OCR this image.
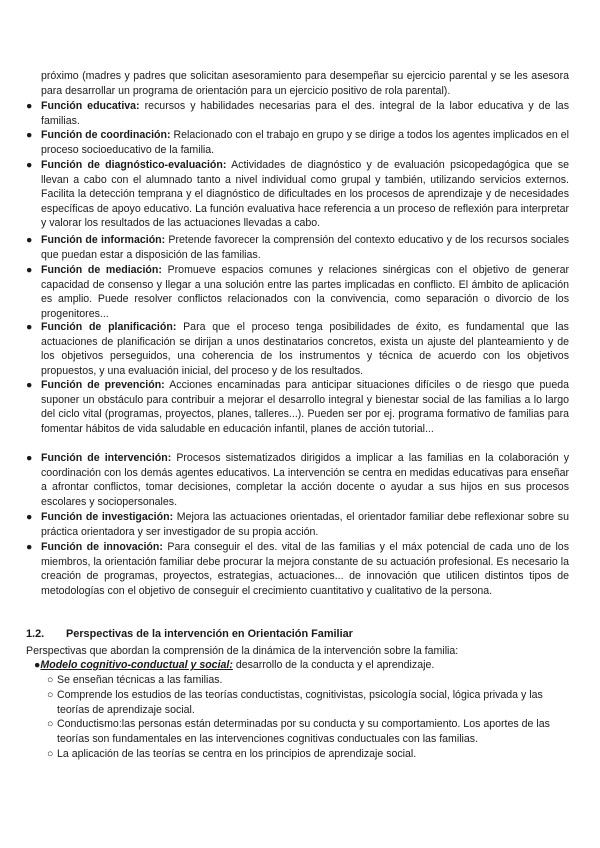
próximo (madres y padres que solicitan asesoramiento para desempeñar su ejercicio parental y se les asesora para desarrollar un programa de orientación para un ejercicio positivo de rola parental).

● Función educativa: recursos y habilidades necesarias para el des. integral de la labor educativa y de las familias.
● Función de coordinación: Relacionado con el trabajo en grupo y se dirige a todos los agentes implicados en el proceso socioeducativo de la familia.
● Función de diagnóstico-evaluación: Actividades de diagnóstico y de evaluación psicopedagógica que se llevan a cabo con el alumnado tanto a nivel individual como grupal y también, utilizando servicios externos. Facilita la detección temprana y el diagnóstico de dificultades en los procesos de aprendizaje y de necesidades específicas de apoyo educativo. La función evaluativa hace referencia a un proceso de reflexión para interpretar y valorar los resultados de las actuaciones llevadas a cabo.
● Función de información: Pretende favorecer la comprensión del contexto educativo y de los recursos sociales que puedan estar a disposición de las familias.
● Función de mediación: Promueve espacios comunes y relaciones sinérgicas con el objetivo de generar capacidad de consenso y llegar a una solución entre las partes implicadas en conflicto. El ámbito de aplicación es amplio. Puede resolver conflictos relacionados con la convivencia, como separación o divorcio de los progenitores...
● Función de planificación: Para que el proceso tenga posibilidades de éxito, es fundamental que las actuaciones de planificación se dirijan a unos destinatarios concretos, exista un ajuste del planteamiento y de los objetivos perseguidos, una coherencia de los instrumentos y técnica de acuerdo con los objetivos propuestos, y una evaluación inicial, del proceso y de los resultados.
● Función de prevención: Acciones encaminadas para anticipar situaciones difíciles o de riesgo que pueda suponer un obstáculo para contribuir a mejorar el desarrollo integral y bienestar social de las familias a lo largo del ciclo vital (programas, proyectos, planes, talleres...). Pueden ser por ej. programa formativo de familias para fomentar hábitos de vida saludable en educación infantil, planes de acción tutorial...
● Función de intervención: Procesos sistematizados dirigidos a implicar a las familias en la colaboración y coordinación con los demás agentes educativos. La intervención se centra en medidas educativas para enseñar a afrontar conflictos, tomar decisiones, completar la acción docente o ayudar a sus hijos en sus procesos escolares y sociopersonales.
● Función de investigación: Mejora las actuaciones orientadas, el orientador familiar debe reflexionar sobre su práctica orientadora y ser investigador de su propia acción.
● Función de innovación: Para conseguir el des. vital de las familias y el máx potencial de cada uno de los miembros, la orientación familiar debe procurar la mejora constante de su actuación profesional. Es necesario la creación de programas, proyectos, estrategias, actuaciones... de innovación que utilicen distintos tipos de metodologías con el objetivo de conseguir el crecimiento cuantitativo y cualitativo de la persona.
1.2. Perspectivas de la intervención en Orientación Familiar

Perspectivas que abordan la comprensión de la dinámica de la intervención sobre la familia:

●Modelo cognitivo-conductual y social: desarrollo de la conducta y el aprendizaje.

○ Se enseñan técnicas a las familias.
○ Comprende los estudios de las teorías conductistas, cognitivistas, psicología social, lógica privada y las teorías de aprendizaje social.
○ Conductismo:las personas están determinadas por su conducta y su comportamiento. Los aportes de las teorías son fundamentales en las intervenciones cognitivas conductuales con las familias.
○ La aplicación de las teorías se centra en los principios de aprendizaje social.
